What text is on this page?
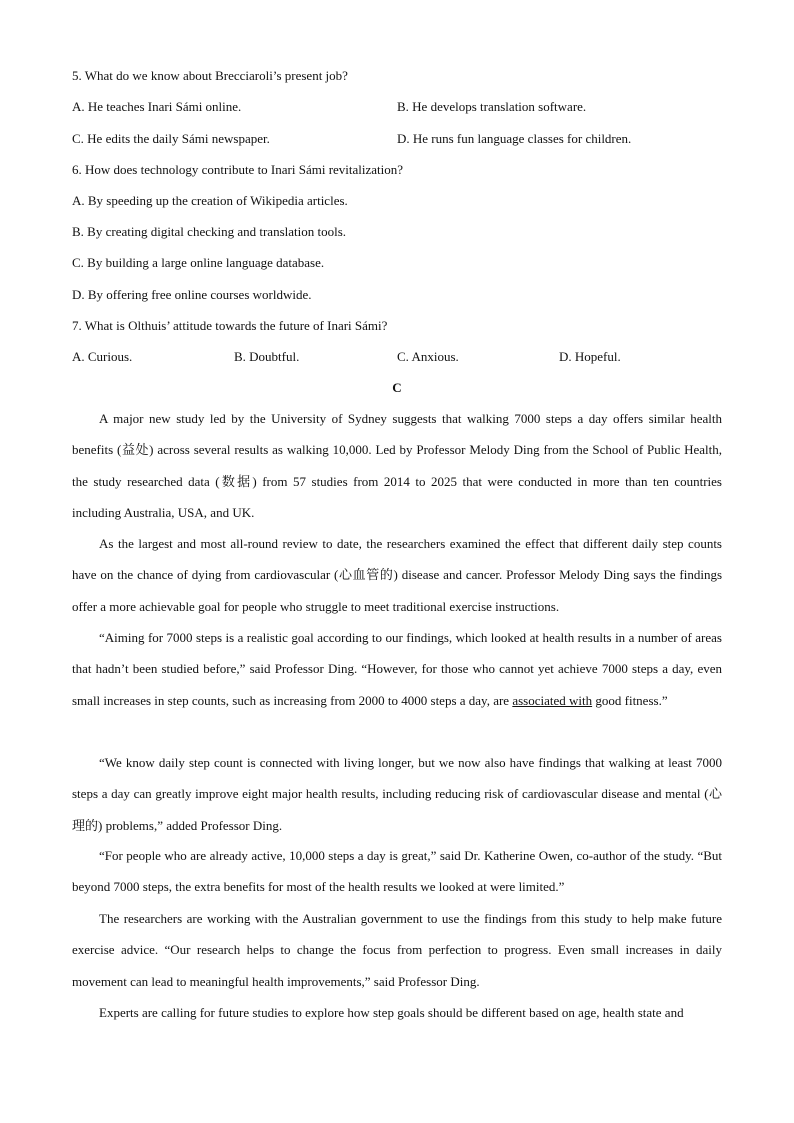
5. What do we know about Brecciaroli’s present job?
A. He teaches Inari Sámi online.	B. He develops translation software.
C. He edits the daily Sámi newspaper.	D. He runs fun language classes for children.
6. How does technology contribute to Inari Sámi revitalization?
A. By speeding up the creation of Wikipedia articles.
B. By creating digital checking and translation tools.
C. By building a large online language database.
D. By offering free online courses worldwide.
7. What is Olthuis’ attitude towards the future of Inari Sámi?
A. Curious.	B. Doubtful.	C. Anxious.	D. Hopeful.
C

A major new study led by the University of Sydney suggests that walking 7000 steps a day offers similar health benefits (益处) across several results as walking 10,000. Led by Professor Melody Ding from the School of Public Health, the study researched data (数据) from 57 studies from 2014 to 2025 that were conducted in more than ten countries including Australia, USA, and UK.

As the largest and most all-round review to date, the researchers examined the effect that different daily step counts have on the chance of dying from cardiovascular (心血管的) disease and cancer. Professor Melody Ding says the findings offer a more achievable goal for people who struggle to meet traditional exercise instructions.

“Aiming for 7000 steps is a realistic goal according to our findings, which looked at health results in a number of areas that hadn’t been studied before,” said Professor Ding. “However, for those who cannot yet achieve 7000 steps a day, even small increases in step counts, such as increasing from 2000 to 4000 steps a day, are associated with good fitness.”

“We know daily step count is connected with living longer, but we now also have findings that walking at least 7000 steps a day can greatly improve eight major health results, including reducing risk of cardiovascular disease and mental (心理的) problems,” added Professor Ding.

“For people who are already active, 10,000 steps a day is great,” said Dr. Katherine Owen, co-author of the study. “But beyond 7000 steps, the extra benefits for most of the health results we looked at were limited.”

The researchers are working with the Australian government to use the findings from this study to help make future exercise advice. “Our research helps to change the focus from perfection to progress. Even small increases in daily movement can lead to meaningful health improvements,” said Professor Ding.

Experts are calling for future studies to explore how step goals should be different based on age, health state and
